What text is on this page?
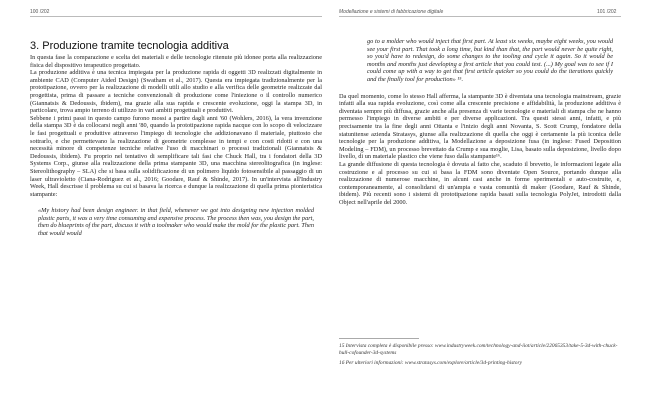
100 /202	Modellazione e sistemi di fabbricazione digitale	101 /202
3. Produzione tramite tecnologia additiva

In questa fase la comparazione e scelta dei materiali e delle tecnologie ritenute più idonee porta alla realizzazione fisica del dispositivo terapeutico progettato.

La produzione additiva è una tecnica impiegata per la produzione rapida di oggetti 3D realizzati digitalmente in ambiente CAD (Computer Aided Design) (Swatham et al., 2017). Questa era impiegata tradizionalmente per la prototipazione, ovvero per la realizzazione di modelli utili allo studio e alla verifica delle geometrie realizzate dal progettista, prima di passare a tecniche convenzionali di produzione come l'iniezione o il controllo numerico (Giannatsis & Dedoussis, ibidem), ma grazie alla sua rapida e crescente evoluzione, oggi la stampa 3D, in particolare, trova ampio terreno di utilizzo in vari ambiti progettuali e produttivi.

Sebbene i primi passi in questo campo furono mossi a partire dagli anni '60 (Wohlers, 2016), la vera invenzione della stampa 3D è da collocarsi negli anni '80, quando la prototipazione rapida nacque con lo scopo di velocizzare le fasi progettuali e produttive attraverso l'impiego di tecnologie che addizionavano il materiale, piuttosto che sottrarlo, e che permettevano la realizzazione di geometrie complesse in tempi e con costi ridotti e con una necessità minore di competenze tecniche relative l'uso di macchinari o processi tradizionali (Giannatsis & Dedoussis, ibidem). Fu proprio nel tentativo di semplificare tali fasi che Chuck Hall, tra i fondatori della 3D Systems Corp., giunse alla realizzazione della prima stampante 3D, una macchina stereolitografica (in inglese: Stereolithography – SLA) che si basa sulla solidificazione di un polimero liquido fotosensibile al passaggio di un laser ultravioletto (Ciana-Rodriguez et al., 2016; Goodare, Rauf & Shinde, 2017). In un'intervista all'Industry Week, Hall descrisse il problema su cui si basava la ricerca e dunque la realizzazione di quella prima pionieristica stampante:

«My history had been design engineer. in that field, whenever we got into designing new injection molded plastic parts, it was a very time consuming and expensive process. The process then was, you design the part, then do blueprints of the part, discuss it with a toolmaker who would make the mold for the plastic part. Then that would would

go to a molder who would inject that first part. At least six weeks, maybe eight weeks, you would see your first part. That took a long time, but kind than that, the part would never be quite right, so you'd have to redesign, do some changes to the tooling and cycle it again. So it would be months and months just developing a first article that you could test. (...) My goal was to see if I could come up with a way to get that first article quicker so you could do the iterations quickly and the finally tool for production» ¹⁵.

Da quel momento, come lo stesso Hall afferma, la stampante 3D è diventata una tecnologia mainstream, grazie infatti alla sua rapida evoluzione, così come alla crescente precisione e affidabilità, la produzione additiva è diventata sempre più diffusa, grazie anche alla presenza di varie tecnologie e materiali di stampa che ne hanno permesso l'impiego in diverse ambiti e per diverse applicazioni. Tra questi stessi anni, infatti, e più precisamente tra la fine degli anni Ottanta e l'inizio degli anni Novanta, S. Scott Crump, fondatore della statunitense azienda Stratasys, giunse alla realizzazione di quella che oggi è certamente la più iconica delle tecnologie per la produzione additiva, la Modellazione a deposizione fusa (in inglese: Fused Deposition Modeling – FDM), un processo brevettato da Crump e sua moglie, Lisa, basato sulla deposizione, livello dopo livello, di un materiale plastico che viene fuso dalla stampante¹⁶.

La grande diffusione di questa tecnologia è dovuta al fatto che, scaduto il brevetto, le informazioni legate alla costruzione e al processo su cui si basa la FDM sono diventate Open Source, portando dunque alla realizzazione di numerose macchine, in alcuni casi anche in forme sperimentali e auto-costruite, e, contemporaneamente, al consolidarsi di un'ampia e vasta comunità di maker (Goodare, Rauf & Shinde, ibidem). Più recenti sono i sistemi di prototipazione rapida basati sulla tecnologia PolyJet, introdotti dalla Object nell'aprile del 2000.

15 Intervista completa è disponibile presso: www.industryweek.com/technology-and-iiot/article/22065353/take-5-3d-with-chuck-hull-cofounder-3d-systems
16 Per ulteriori informazioni: www.stratasys.com/explore/article/3d-printing-history
